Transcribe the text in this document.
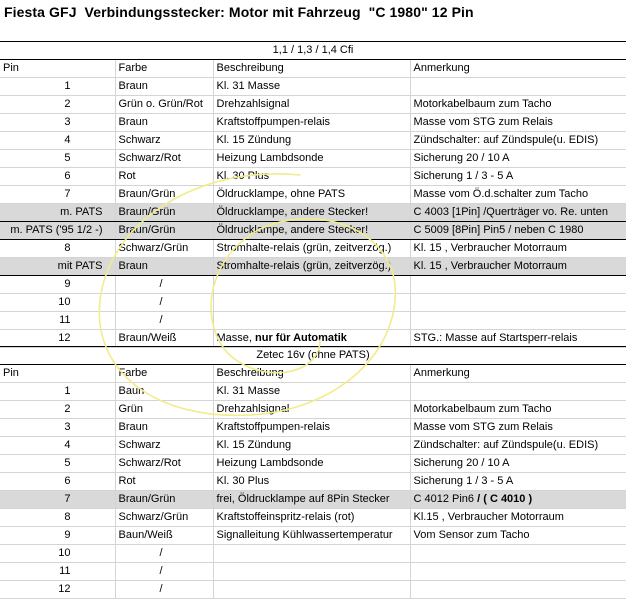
Fiesta GFJ  Verbindungsstecker: Motor mit Fahrzeug  "C 1980" 12 Pin
1,1 / 1,3 / 1,4 Cfi			
Pin	Farbe	Beschreibung	Anmerkung
1	Braun	Kl. 31 Masse	
2	Grün o. Grün/Rot	Drehzahlsignal	Motorkabelbaum zum Tacho
3	Braun	Kraftstoffpumpen-relais	Masse vom STG zum Relais
4	Schwarz	Kl. 15 Zündung	Zündschalter: auf Zündspule(u. EDIS)
5	Schwarz/Rot	Heizung Lambdsonde	Sicherung 20 / 10 A
6	Rot	Kl. 30 Plus	Sicherung 1 / 3 - 5 A
7	Braun/Grün	Öldrucklampe, ohne PATS	Masse vom Ö.d.schalter zum Tacho
m. PATS	Braun/Grün	Öldrucklampe, andere Stecker!	C 4003 [1Pin] /Querträger vo. Re. unten
m. PATS ('95 1/2 -)	Braun/Grün	Öldrucklampe, andere Stecker!	C 5009 [8Pin] Pin5 / neben C 1980
8	Schwarz/Grün	Stromhalte-relais (grün, zeitverzög.)	Kl. 15 , Verbraucher Motorraum
mit PATS	Braun	Stromhalte-relais (grün, zeitverzög.)	Kl. 15 , Verbraucher Motorraum
9	/		
10	/		
11	/		
12	Braun/Weiß	Masse, nur für Automatik	STG.: Masse auf Startsperr-relais
Zetec 16v (ohne PATS)			
Pin	Farbe	Beschreibung	Anmerkung
1	Baun	Kl. 31 Masse	
2	Grün	Drehzahlsignal	Motorkabelbaum zum Tacho
3	Braun	Kraftstoffpumpen-relais	Masse vom STG zum Relais
4	Schwarz	Kl. 15 Zündung	Zündschalter: auf Zündspule(u. EDIS)
5	Schwarz/Rot	Heizung Lambdsonde	Sicherung 20 / 10 A
6	Rot	Kl. 30 Plus	Sicherung 1 / 3 - 5 A
7	Braun/Grün	frei, Öldrucklampe auf 8Pin Stecker	C 4012 Pin6 / ( C 4010 )
8	Schwarz/Grün	Kraftstoffeinspritz-relais (rot)	Kl.15 , Verbraucher Motorraum
9	Baun/Weiß	Signalleitung Kühlwassertemperatur	Vom Sensor zum Tacho
10	/		
11	/		
12	/		
